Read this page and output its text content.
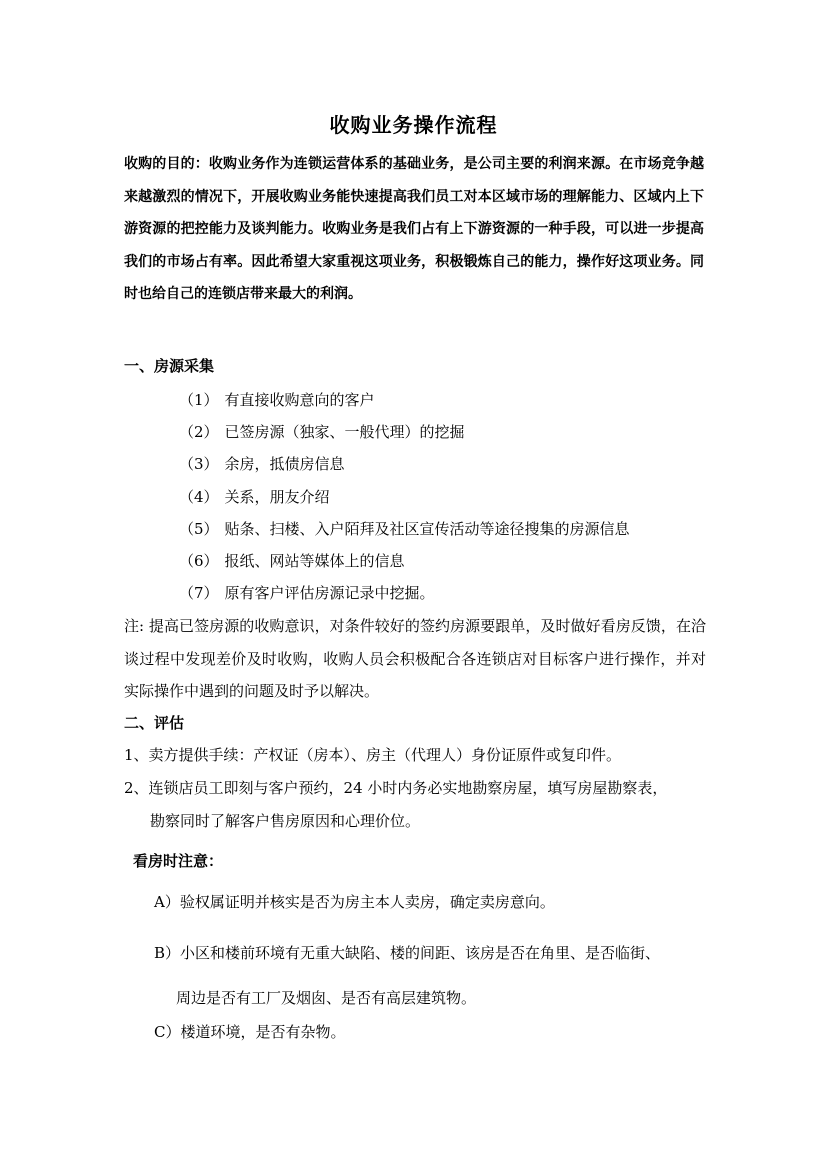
收购业务操作流程
收购的目的：收购业务作为连锁运营体系的基础业务，是公司主要的利润来源。在市场竞争越来越激烈的情况下，开展收购业务能快速提高我们员工对本区域市场的理解能力、区域内上下游资源的把控能力及谈判能力。收购业务是我们占有上下游资源的一种手段，可以进一步提高我们的市场占有率。因此希望大家重视这项业务，积极锻炼自己的能力，操作好这项业务。同时也给自己的连锁店带来最大的利润。
一、房源采集
（1） 有直接收购意向的客户
（2） 已签房源（独家、一般代理）的挖掘
（3） 余房，抵债房信息
（4） 关系，朋友介绍
（5） 贴条、扫楼、入户陌拜及社区宣传活动等途径搜集的房源信息
（6） 报纸、网站等媒体上的信息
（7） 原有客户评估房源记录中挖掘。
注: 提高已签房源的收购意识，对条件较好的签约房源要跟单，及时做好看房反馈，在洽谈过程中发现差价及时收购，收购人员会积极配合各连锁店对目标客户进行操作，并对实际操作中遇到的问题及时予以解决。
二、评估
1、卖方提供手续：产权证（房本）、房主（代理人）身份证原件或复印件。
2、连锁店员工即刻与客户预约，24 小时内务必实地勘察房屋，填写房屋勘察表，
勘察同时了解客户售房原因和心理价位。
看房时注意：
A）验权属证明并核实是否为房主本人卖房，确定卖房意向。
B）小区和楼前环境有无重大缺陷、楼的间距、该房是否在角里、是否临街、
周边是否有工厂及烟囱、是否有高层建筑物。
C）楼道环境，是否有杂物。
